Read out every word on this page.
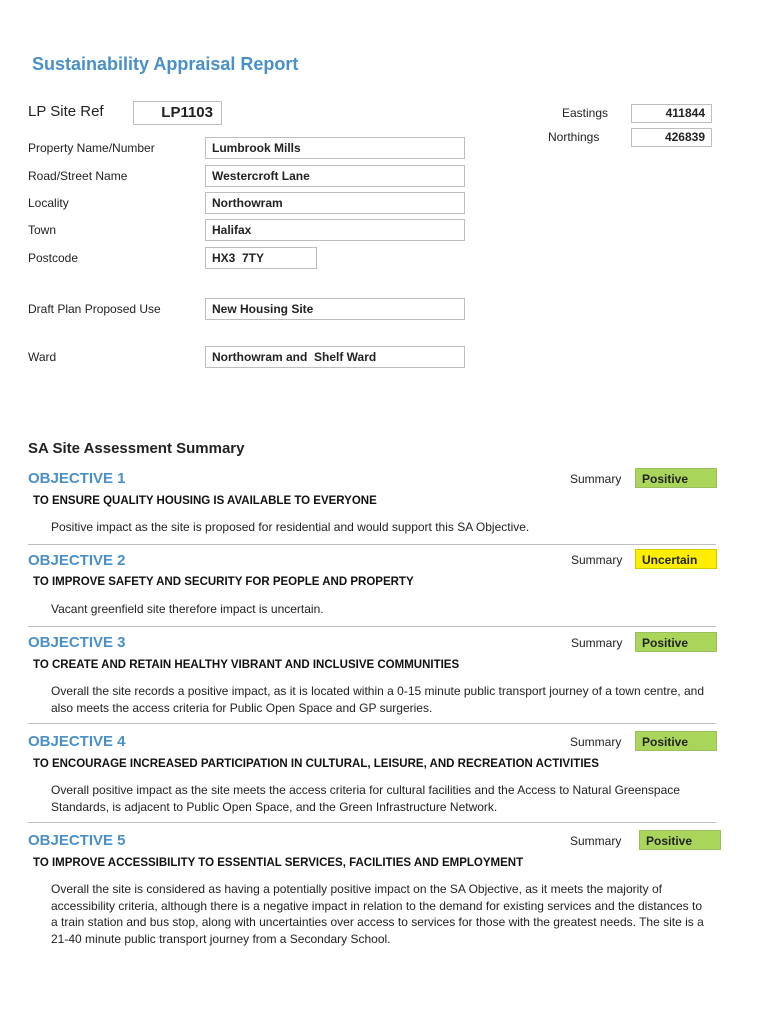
Sustainability Appraisal Report
LP Site Ref	LP1103	Eastings	411844
Northings	426839
Property Name/Number	Lumbrook Mills
Road/Street Name	Westercroft Lane
Locality	Northowram
Town	Halifax
Postcode	HX3  7TY
Draft Plan Proposed Use	New Housing Site
Ward	Northowram and  Shelf Ward
SA Site Assessment Summary
OBJECTIVE 1	Summary	Positive
TO ENSURE QUALITY HOUSING IS AVAILABLE TO EVERYONE
Positive impact as the site is proposed for residential and would support this SA Objective.
OBJECTIVE 2	Summary	Uncertain
TO IMPROVE SAFETY AND SECURITY FOR PEOPLE AND PROPERTY
Vacant greenfield site therefore impact is uncertain.
OBJECTIVE 3	Summary	Positive
TO CREATE AND RETAIN HEALTHY VIBRANT AND INCLUSIVE COMMUNITIES
Overall the site records a positive impact, as it is located within a 0-15 minute public transport journey of a town centre, and also meets the access criteria for Public Open Space and GP surgeries.
OBJECTIVE 4	Summary	Positive
TO ENCOURAGE INCREASED PARTICIPATION IN CULTURAL, LEISURE, AND RECREATION ACTIVITIES
Overall positive impact as the site meets the access criteria for cultural facilities and the Access to Natural Greenspace Standards, is adjacent to Public Open Space, and the Green Infrastructure Network.
OBJECTIVE 5	Summary	Positive
TO IMPROVE ACCESSIBILITY TO ESSENTIAL SERVICES, FACILITIES AND EMPLOYMENT
Overall the site is considered as having a potentially positive impact on the SA Objective, as it meets the majority of accessibility criteria, although there is a negative impact in relation to the demand for existing services and the distances to a train station and bus stop, along with uncertainties over access to services for those with the greatest needs. The site is a 21-40 minute public transport journey from a Secondary School.
